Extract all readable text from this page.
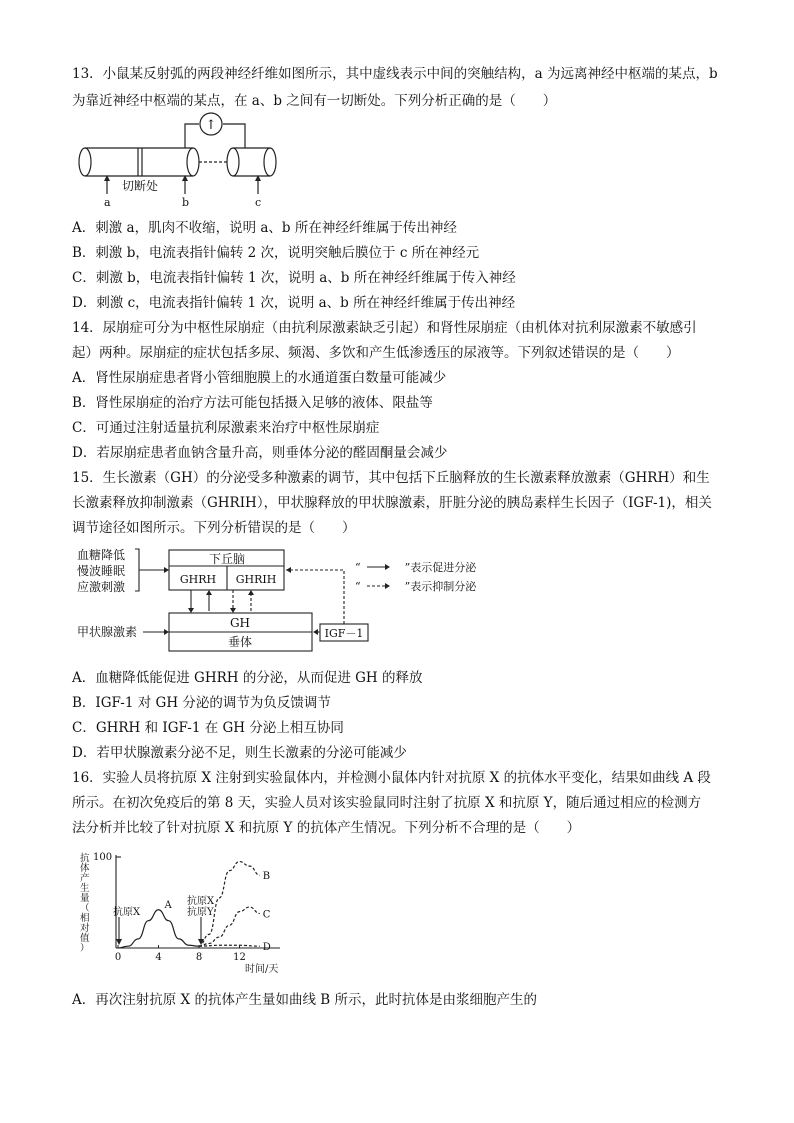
13．小鼠某反射弧的两段神经纤维如图所示，其中虚线表示中间的突触结构，a 为远离神经中枢端的某点，b
为靠近神经中枢端的某点，在 a、b 之间有一切断处。下列分析正确的是（　　）
↑
切断处
a	b	c
A．刺激 a，肌肉不收缩，说明 a、b 所在神经纤维属于传出神经
B．刺激 b，电流表指针偏转 2 次，说明突触后膜位于 c 所在神经元
C．刺激 b，电流表指针偏转 1 次，说明 a、b 所在神经纤维属于传入神经
D．刺激 c，电流表指针偏转 1 次，说明 a、b 所在神经纤维属于传出神经
14．尿崩症可分为中枢性尿崩症（由抗利尿激素缺乏引起）和肾性尿崩症（由机体对抗利尿激素不敏感引
起）两种。尿崩症的症状包括多尿、频渴、多饮和产生低渗透压的尿液等。下列叙述错误的是（　　）
A．肾性尿崩症患者肾小管细胞膜上的水通道蛋白数量可能减少
B．肾性尿崩症的治疗方法可能包括摄入足够的液体、限盐等
C．可通过注射适量抗利尿激素来治疗中枢性尿崩症
D．若尿崩症患者血钠含量升高，则垂体分泌的醛固酮量会减少
15．生长激素（GH）的分泌受多种激素的调节，其中包括下丘脑释放的生长激素释放激素（GHRH）和生
长激素释放抑制激素（GHRIH），甲状腺释放的甲状腺激素，肝脏分泌的胰岛素样生长因子（IGF-1)，相关
调节途径如图所示。下列分析错误的是（　　）
血糖降低
慢波睡眠
应激刺激
下丘脑
GHRH GHRIH
GH
垂体
甲状腺激素	IGF－1
“　　　　”表示促进分泌
“　　　　”表示抑制分泌
A．血糖降低能促进 GHRH 的分泌，从而促进 GH 的释放
B．IGF-1 对 GH 分泌的调节为负反馈调节
C．GHRH 和 IGF-1 在 GH 分泌上相互协同
D．若甲状腺激素分泌不足，则生长激素的分泌可能减少
16．实验人员将抗原 X 注射到实验鼠体内，并检测小鼠体内针对抗原 X 的抗体水平变化，结果如曲线 A 段
所示。在初次免疫后的第 8 天，实验人员对该实验鼠同时注射了抗原 X 和抗原 Y，随后通过相应的检测方
法分析并比较了针对抗原 X 和抗原 Y 的抗体产生情况。下列分析不合理的是（　　）
抗
体
产
生
量
（
相
对
值
）
100
A
B
C
D
0	4	8	12
抗原X
抗原X
抗原Y
时间/天
A．再次注射抗原 X 的抗体产生量如曲线 B 所示，此时抗体是由浆细胞产生的
